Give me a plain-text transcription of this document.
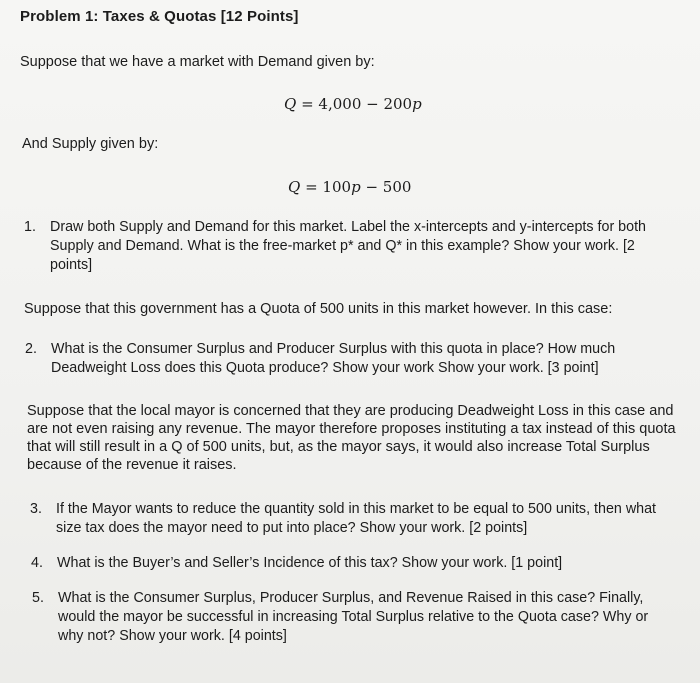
Problem 1: Taxes & Quotas [12 Points]
Suppose that we have a market with Demand given by:
Q = 4,000 − 200p
And Supply given by:
Q = 100p − 500
1. Draw both Supply and Demand for this market. Label the x-intercepts and y-intercepts for both Supply and Demand. What is the free-market p* and Q* in this example? Show your work. [2 points]
Suppose that this government has a Quota of 500 units in this market however. In this case:
2. What is the Consumer Surplus and Producer Surplus with this quota in place? How much Deadweight Loss does this Quota produce? Show your work Show your work. [3 point]
Suppose that the local mayor is concerned that they are producing Deadweight Loss in this case and are not even raising any revenue. The mayor therefore proposes instituting a tax instead of this quota that will still result in a Q of 500 units, but, as the mayor says, it would also increase Total Surplus because of the revenue it raises.
3. If the Mayor wants to reduce the quantity sold in this market to be equal to 500 units, then what size tax does the mayor need to put into place? Show your work. [2 points]
4. What is the Buyer’s and Seller’s Incidence of this tax? Show your work. [1 point]
5. What is the Consumer Surplus, Producer Surplus, and Revenue Raised in this case? Finally, would the mayor be successful in increasing Total Surplus relative to the Quota case? Why or why not? Show your work. [4 points]
